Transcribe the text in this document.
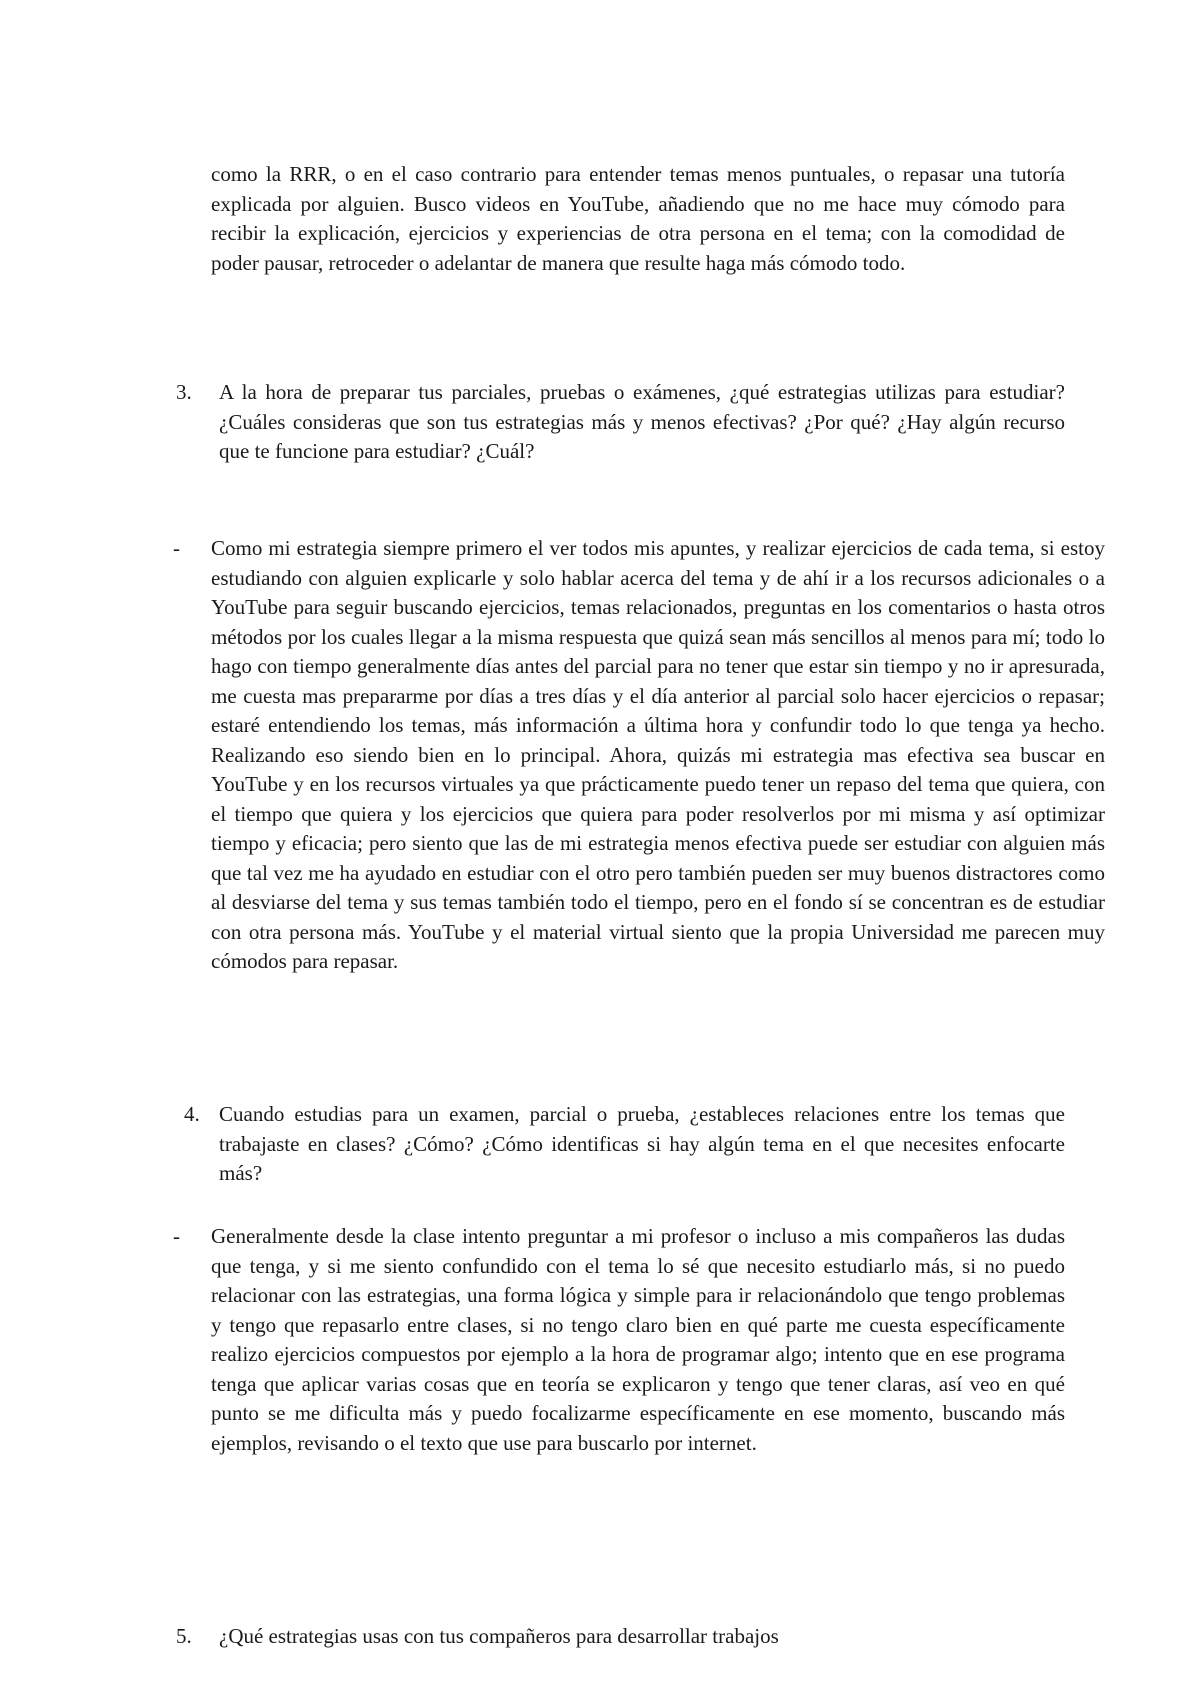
como la RRR, o en el caso contrario para entender temas menos puntuales, o repasar una tutoría explicada por alguien. Busco videos en YouTube, añadiendo que no me hace muy cómodo para recibir la explicación, ejercicios y experiencias de otra persona en el tema; con la comodidad de poder pausar, retroceder o adelantar de manera que resulte haga más cómodo todo.

3.	A la hora de preparar tus parciales, pruebas o exámenes, ¿qué estrategias utilizas para estudiar? ¿Cuáles consideras que son tus estrategias más y menos efectivas? ¿Por qué? ¿Hay algún recurso que te funcione para estudiar? ¿Cuál?

-	Como mi estrategia siempre primero el ver todos mis apuntes, y realizar ejercicios de cada tema, si estoy estudiando con alguien explicarle y solo hablar acerca del tema y de ahí ir a los recursos adicionales o a YouTube para seguir buscando ejercicios, temas relacionados, preguntas en los comentarios o hasta otros métodos por los cuales llegar a la misma respuesta que quizá sean más sencillos al menos para mí; todo lo hago con tiempo generalmente días antes del parcial para no tener que estar sin tiempo y no ir apresurada, me cuesta mas prepararme por días a tres días y el día anterior al parcial solo hacer ejercicios o repasar; estaré entendiendo los temas, más información a última hora y confundir todo lo que tenga ya hecho. Realizando eso siendo bien en lo principal. Ahora, quizás mi estrategia mas efectiva sea buscar en YouTube y en los recursos virtuales ya que prácticamente puedo tener un repaso del tema que quiera, con el tiempo que quiera y los ejercicios que quiera para poder resolverlos por mi misma y así optimizar tiempo y eficacia; pero siento que las de mi estrategia menos efectiva puede ser estudiar con alguien más que tal vez me ha ayudado en estudiar con el otro pero también pueden ser muy buenos distractores como al desviarse del tema y sus temas también todo el tiempo, pero en el fondo sí se concentran es de estudiar con otra persona más. YouTube y el material virtual siento que la propia Universidad me parecen muy cómodos para repasar.

4. Cuando estudias para un examen, parcial o prueba, ¿estableces relaciones entre los temas que trabajaste en clases? ¿Cómo? ¿Cómo identificas si hay algún tema en el que necesites enfocarte más?

-	Generalmente desde la clase intento preguntar a mi profesor o incluso a mis compañeros las dudas que tenga, y si me siento confundido con el tema lo sé que necesito estudiarlo más, si no puedo relacionar con las estrategias, una forma lógica y simple para ir relacionándolo que tengo problemas y tengo que repasarlo entre clases, si no tengo claro bien en qué parte me cuesta específicamente realizo ejercicios compuestos por ejemplo a la hora de programar algo; intento que en ese programa tenga que aplicar varias cosas que en teoría se explicaron y tengo que tener claras, así veo en qué punto se me dificulta más y puedo focalizarme específicamente en ese momento, buscando más ejemplos, revisando o el texto que use para buscarlo por internet.

5.	¿Qué estrategias usas con tus compañeros para desarrollar trabajos
